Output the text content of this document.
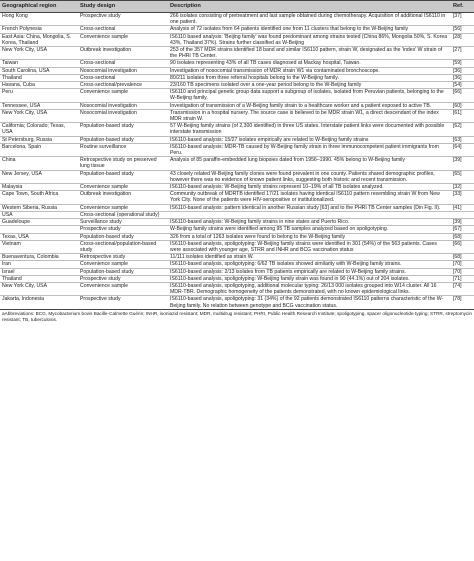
Geographical region	Study design	Description	Ref.
Hong Kong	Prospective study	266 isolates consisting of pretreatment and last sample obtained during chemotherapy. Acquisition of additional IS6110 in one patient.	[37]
French Polynesia	Cross-sectional	Analysis of 72 isolates from 64 patients identified one from 11 clusters that belong to the W-Beijing family	[56]
East Asia: China, Mongolia, S. Korea, Thailand	Convenience sample	IS6110 based analysis: 'Beijing family' was found predominant among strains tested (China 86%, Mongolia 50%, S. Korea 43%, Thailand 37%). Strains further classified as W-Beijing	[28]
New York City, USA	Outbreak investigation	253 of the 357 MDR strains identified 18 band and similar IS6110 pattern, strain W, designated as the 'index' W strain of the PHRI TB Center.	[27]
Taiwan	Cross-sectional	90 isolates representing 43% of all TB cases diagnosed at Mackay hospital, Taiwan.	[59]
South Carolina, USA	Nosocomial investigation	Investigation of nosocomial transmission of MDR strain W1 via contaminated bronchoscope.	[36]
Thailand	Cross-sectional	80/211 isolates from three referral hospitals belong to the W-Beijing family.	[36]
Havana, Cuba	Cross-sectional/prevalence	23/160 TB specimens isolated over a one-year period belong to the W-Beijing family	[54]
Peru	Convenience sample	IS6110 and principal genetic group data support a subgroup of isolates, isolated from Peruvian patients, belonging to the W-Beijing family.	[66]
Tennessee, USA	Nosocomial investigation	Investigation of transmission of a W-Beijing family strain to a healthcare worker and a patient exposed to active TB.	[60]
New York City, USA	Nosocomial investigation	Transmission in a hospital nursery. The source case is believed to be MDR strain W1, a direct descendant of the index MDR strain W.	[61]
California; Colorado; Texas, USA	Population-based study	57 W-Beijing family strains (of 2,300 identified) in three US states. Interstate patient links were documented with possible interstate transmission	[62]
St Petersburg, Russia	Population-based study	IS6110-based analysis: 15/27 isolates empirically are related to W-Beijing family strains	[63]
Barcelona, Spain	Routine surveillance	IS6110-based analysis: MDR-TB caused by W-Beijing family strain in three immunocompetent patient immigrants from Peru.	[64]
China	Retrospective study on preserved lung tissue	Analysis of 85 paraffin-embedded lung biopsies dated from 1956–1990. 45% belong to W-Beijing family	[39]
New Jersey, USA	Population-based study	43 closely related W-Beijing family clones were found prevalent in one county. Patients shared demographic profiles, however there was no evidence of known patient links, suggesting both historic and recent transmission.	[65]
Malaysia	Convenience sample	IS6110-based analysis: W-Beijing family strains represent 10–19% of all TB isolates analyzed.	[32]
Cape Town, South Africa	Outbreak investigation	Community outbreak of MDRTB identified 17/21 isolates having identical IS6110 pattern resembling strain W from New York City. None of the patients were HIV-seropositive or institutionalized.	[33]
Western Siberia, Russia	Convenience sample	IS6110-based analysis: pattern identical in another Russian study [63] and to the PHRI TB Center samples (Din Fig. II).	[41]
USA	Cross-sectional (operational study)		
Guadeloupe	Surveillance study	IS6110-based analysis: W-Beijing family strains in nine states and Puerto Rico.	[39]
	Prospective study	W-Beijing family strains were identified among 95 TB samples analyzed based on spoligotyping.	[67]
Texas, USA	Population-based study	326 from a total of 1263 isolates were found to belong to the W-Beijing family	[68]
Vietnam	Cross-sectional/population-based study	IS6110-based analysis, spoligotyping: W-Beijing family strains were identified in 301 (54%) of the 563 patients. Cases were associated with younger age, STRR and INHR and BCG vaccination status	[66]
Buenaventura, Colombia	Retrospective study	11/111 isolates identified as strain W.	[68]
Iran	Convenience sample	IS6110-based analysis, spoligotyping: 6/62 TB isolates showed similarity with W-Beijing family strains.	[70]
Israel	Population-based study	IS6110-based analysis: 2/13 isolates from TB patients empirically are related to W-Beijing family strains.	[70]
Thailand	Prospective study	IS6110-based analysis, spoligotyping: W-Beijing family strain was found in 90 (44.1%) out of 204 isolates.	[71]
New York City, USA	Convenience sample	IS6110-based analysis, spoligotyping, additional molecular typing: 26/13 000 isolates grouped into W14 cluster. All 16 MDR-TBR. Demographic homogeneity of the patients demonstrated, with no known epidemiological links.	[74]
Jakarta, Indonesia	Prospective study	IS6110-based analysis, spoligotyping: 31 (34%) of the 92 patients demonstrated IS6110 patterns characteristic of the W-Beijing family. No relation between genotype and BCG vaccination status.	[78]
aAbbreviations: BCG, Mycobacterium bovis Bacille-Calmette Guérin; INHR, isoniazid resistant; MDR, multidrug resistant; PHRI, Public Health Research Institute; spoligotyping, spacer oligonucleotide typing; STRR, streptomycin resistant; TB, tuberculosis.
